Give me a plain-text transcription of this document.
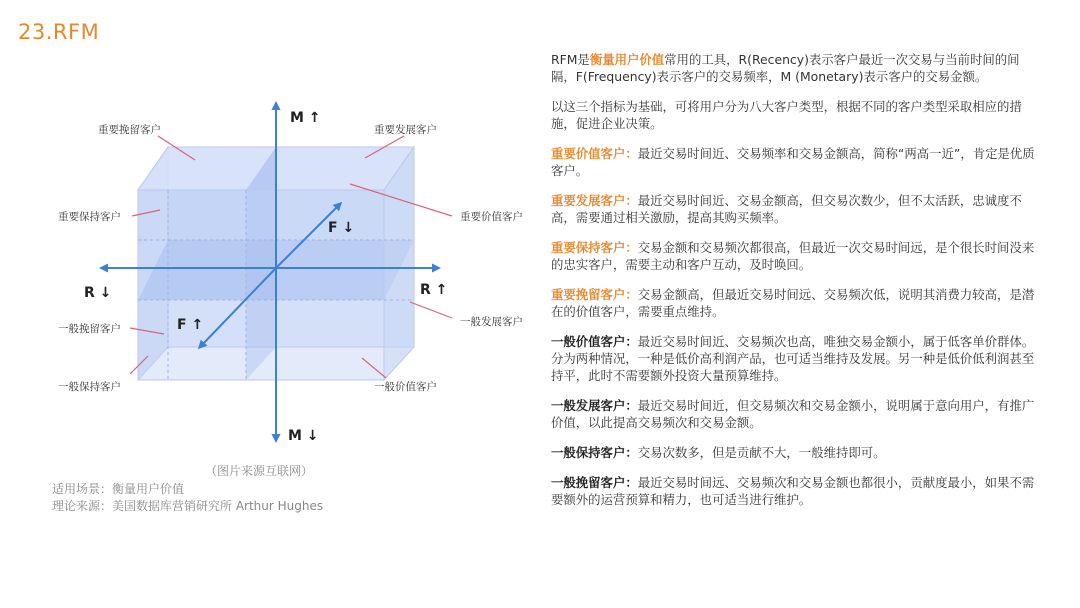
23.RFM
M ↑
M ↓
F ↓
F ↑
R ↓	R ↑
重要挽留客户	重要发展客户
重要保持客户	重要价值客户
一般挽留客户
一般发展客户
一般保持客户	一般价值客户
（图片来源互联网）
适用场景：衡量用户价值
理论来源：美国数据库营销研究所 Arthur Hughes

RFM是衡量用户价值常用的工具，R(Recency)表示客户最近一次交易与当前时间的间隔，F(Frequency)表示客户的交易频率，M (Monetary)表示客户的交易金额。

以这三个指标为基础，可将用户分为八大客户类型，根据不同的客户类型采取相应的措施，促进企业决策。

重要价值客户：最近交易时间近、交易频率和交易金额高，简称“两高一近”，肯定是优质客户。

重要发展客户：最近交易时间近、交易金额高，但交易次数少，但不太活跃，忠诚度不高，需要通过相关激励，提高其购买频率。

重要保持客户：交易金额和交易频次都很高，但最近一次交易时间远，是个很长时间没来的忠实客户，需要主动和客户互动，及时唤回。

重要挽留客户：交易金额高，但最近交易时间远、交易频次低，说明其消费力较高，是潜在的价值客户，需要重点维持。

一般价值客户：最近交易时间近、交易频次也高，唯独交易金额小，属于低客单价群体。分为两种情况，一种是低价高利润产品，也可适当维持及发展。另一种是低价低利润甚至持平，此时不需要额外投资大量预算维持。

一般发展客户：最近交易时间近，但交易频次和交易金额小，说明属于意向用户，有推广价值，以此提高交易频次和交易金额。

一般保持客户：交易次数多，但是贡献不大，一般维持即可。

一般挽留客户：最近交易时间远、交易频次和交易金额也都很小，贡献度最小，如果不需要额外的运营预算和精力，也可适当进行维护。
